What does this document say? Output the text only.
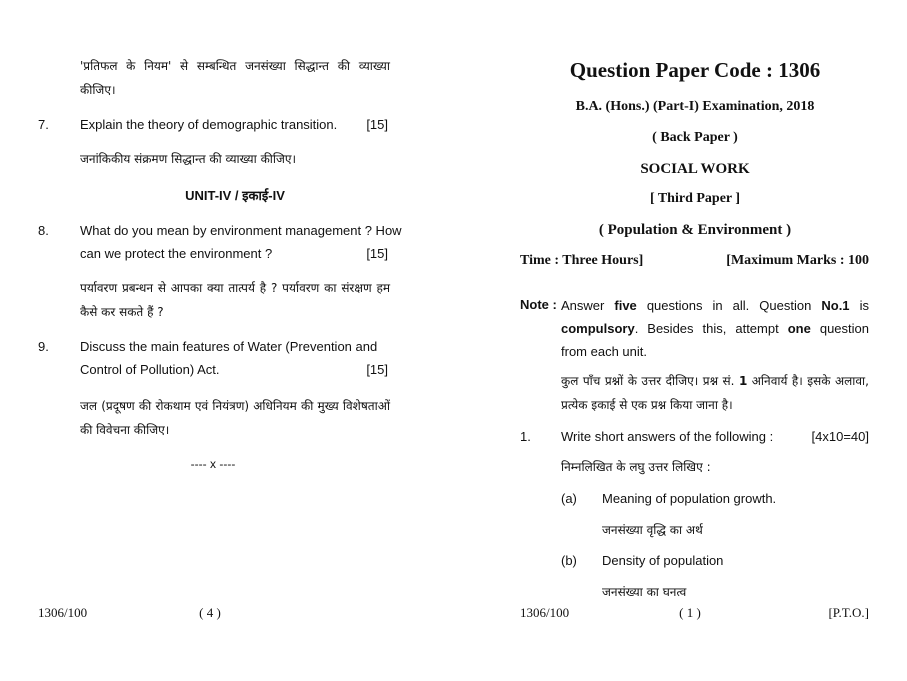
'प्रतिफल के नियम' से सम्बन्धित जनसंख्या सिद्धान्त की व्याख्या कीजिए।
7. Explain the theory of demographic transition.	[15]
जनांकिकीय संक्रमण सिद्धान्त की व्याख्या कीजिए।
UNIT-IV / इकाई-IV
8. What do you mean by environment management ? How
can we protect the environment ?	[15]
पर्यावरण प्रबन्धन से आपका क्या तात्पर्य है ? पर्यावरण का संरक्षण हम कैसे कर सकते हैं ?
9. Discuss the main features of Water (Prevention and
Control of Pollution) Act.	[15]
जल (प्रदूषण की रोकथाम एवं नियंत्रण) अधिनियम की मुख्य विशेषताओं की विवेचना कीजिए।
---- x ----
1306/100	( 4 )
Question Paper Code : 1306
B.A. (Hons.) (Part-I) Examination, 2018
( Back Paper )
SOCIAL WORK
[ Third Paper ]
( Population & Environment )
Time : Three Hours]	[Maximum Marks : 100
Note : Answer five questions in all. Question No.1 is compulsory. Besides this, attempt one question from each unit.
कुल पाँच प्रश्नों के उत्तर दीजिए। प्रश्न सं. 1 अनिवार्य है। इसके अलावा, प्रत्येक इकाई से एक प्रश्न किया जाना है।
1. Write short answers of the following :	[4x10=40]
निम्नलिखित के लघु उत्तर लिखिए :
(a) Meaning of population growth.
जनसंख्या वृद्धि का अर्थ
(b) Density of population
जनसंख्या का घनत्व
1306/100	( 1 )	[P.T.O.]
